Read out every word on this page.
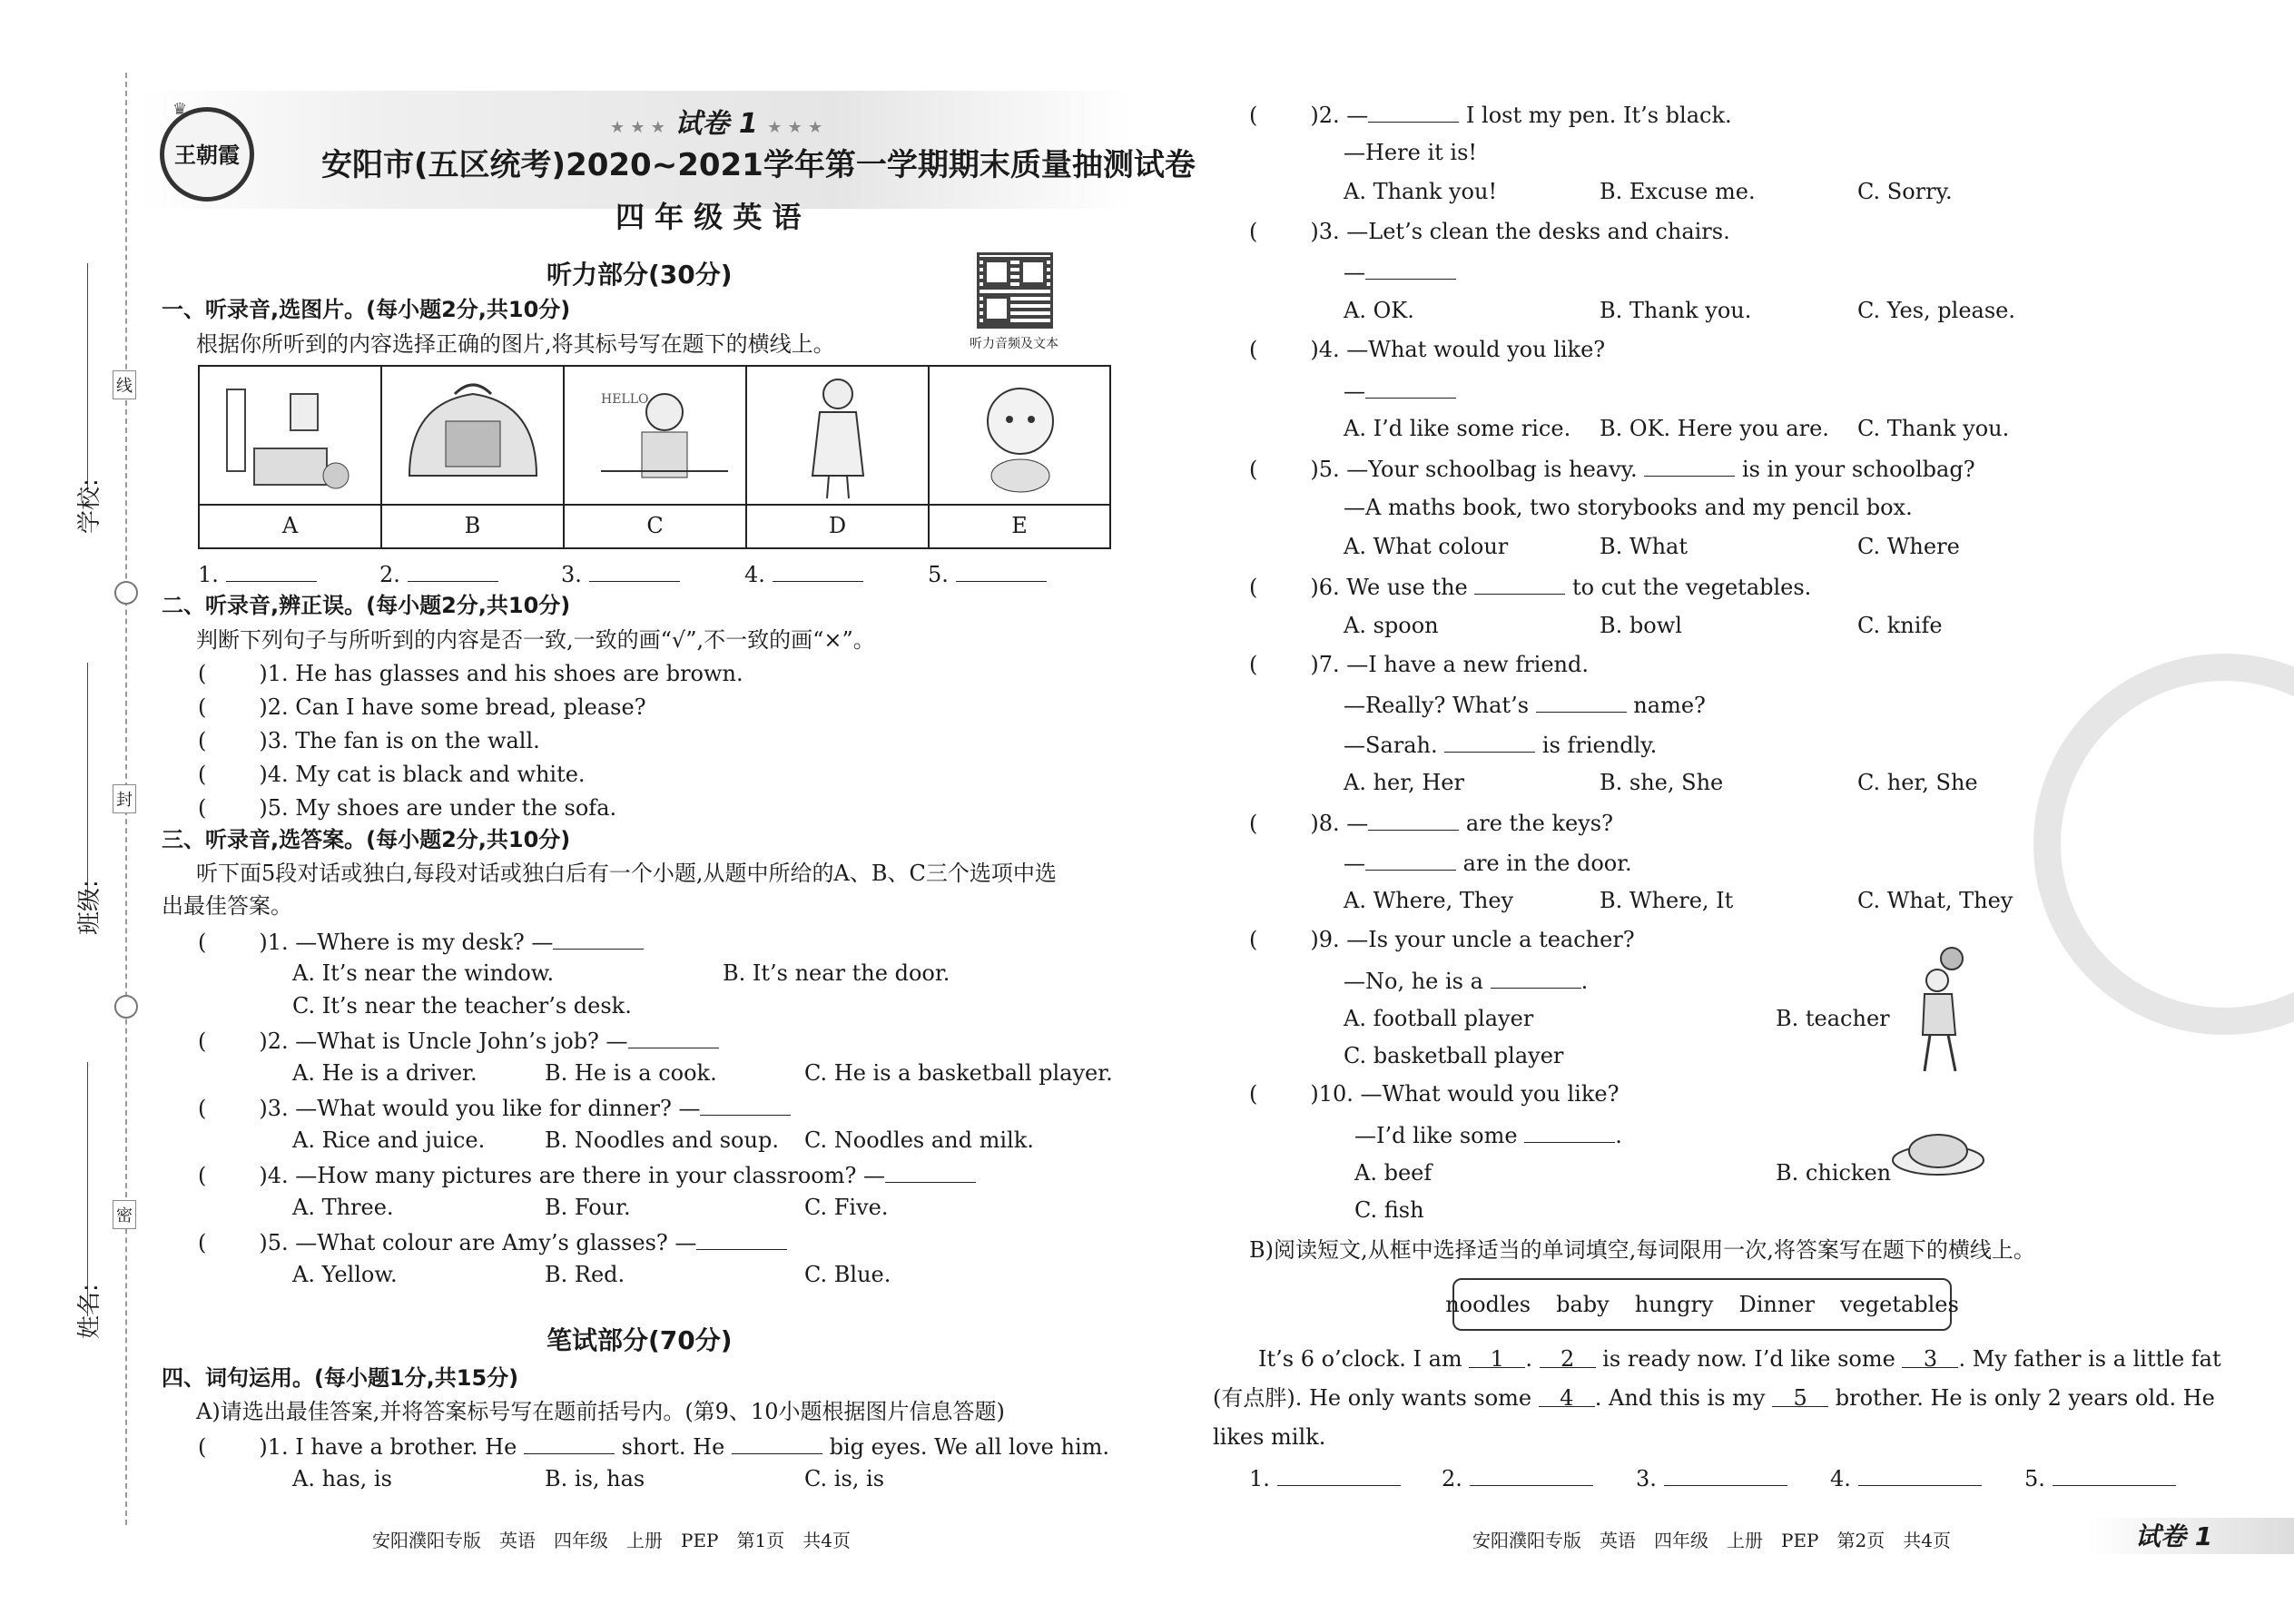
学校:
班级:
姓名:
线
封
密
王朝霞
♛
★ ★ ★ 试卷 1 ★ ★ ★
安阳市(五区统考)2020~2021学年第一学期期末质量抽测试卷
四 年 级 英 语
听力音频及文本
听力部分(30分)
一、听录音,选图片。(每小题2分,共10分)
根据你所听到的内容选择正确的图片,将其标号写在题下的横线上。
HELLO
A	B	C	D	E
1.	2.	3.	4.	5.
二、听录音,辨正误。(每小题2分,共10分)
判断下列句子与所听到的内容是否一致,一致的画“√”,不一致的画“×”。
( )1. He has glasses and his shoes are brown.
( )2. Can I have some bread, please?
( )3. The fan is on the wall.
( )4. My cat is black and white.
( )5. My shoes are under the sofa.
三、听录音,选答案。(每小题2分,共10分)
听下面5段对话或独白,每段对话或独白后有一个小题,从题中所给的A、B、C三个选项中选
出最佳答案。
( )1. —Where is my desk? —
A. It’s near the window.	B. It’s near the door.
C. It’s near the teacher’s desk.
( )2. —What is Uncle John’s job? —
A. He is a driver.	B. He is a cook.	C. He is a basketball player.
( )3. —What would you like for dinner? —
A. Rice and juice.	B. Noodles and soup. C. Noodles and milk.
( )4. —How many pictures are there in your classroom? —
A. Three.	B. Four.	C. Five.
( )5. —What colour are Amy’s glasses? —
A. Yellow.	B. Red.	C. Blue.
笔试部分(70分)
四、词句运用。(每小题1分,共15分)
A)请选出最佳答案,并将答案标号写在题前括号内。(第9、10小题根据图片信息答题)
( )1. I have a brother. He	short. He	big eyes. We all love him.
A. has, is	B. is, has	C. is, is
安阳濮阳专版　英语　四年级　上册　PEP　第1页　共4页
( )2. —	I lost my pen. It’s black.
—Here it is!
A. Thank you!	B. Excuse me.	C. Sorry.
( )3. —Let’s clean the desks and chairs.
—
A. OK.	B. Thank you.	C. Yes, please.
( )4. —What would you like?
—
A. I’d like some rice. B. OK. Here you are. C. Thank you.
( )5. —Your schoolbag is heavy.	is in your schoolbag?
—A maths book, two storybooks and my pencil box.
A. What colour	B. What	C. Where
( )6. We use the	to cut the vegetables.
A. spoon	B. bowl	C. knife
( )7. —I have a new friend.
—Really? What’s	name?
—Sarah.	is friendly.
A. her, Her	B. she, She	C. her, She
( )8. —	are the keys?
—	are in the door.
A. Where, They	B. Where, It	C. What, They
( )9. —Is your uncle a teacher?
—No, he is a	.
A. football player	B. teacher
C. basketball player
( )10. —What would you like?
—I’d like some	.
A. beef	B. chicken
C. fish
B)阅读短文,从框中选择适当的单词填空,每词限用一次,将答案写在题下的横线上。
noodles baby hungry Dinner vegetables
It’s 6 o’clock. I am 1 . 2 is ready now. I’d like some 3 . My father is a little fat
(有点胖). He only wants some 4 . And this is my 5 brother. He is only 2 years old. He
likes milk.
1.	2.	3.	4.	5.
安阳濮阳专版　英语　四年级　上册　PEP　第2页　共4页	试卷 1
